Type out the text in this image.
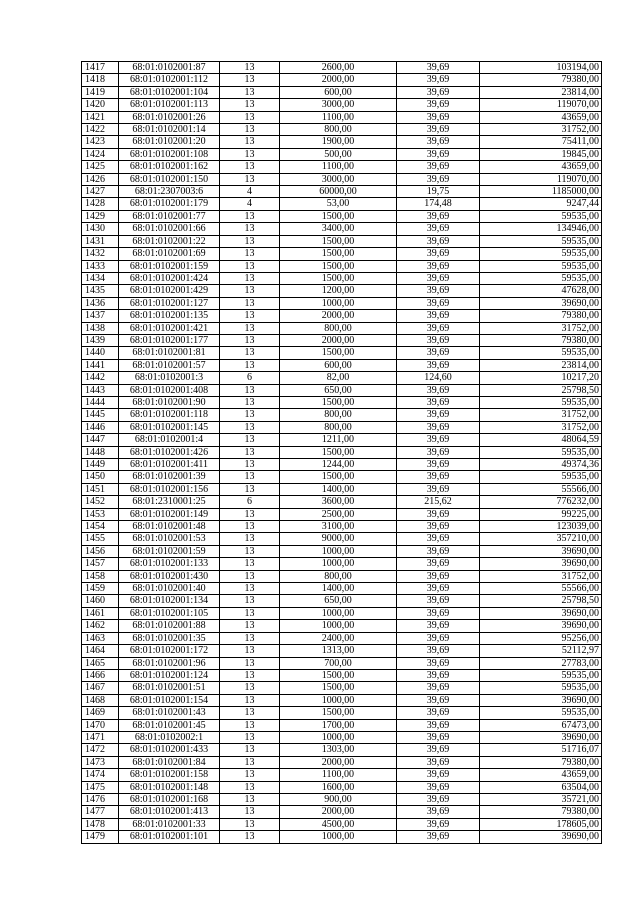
1417	68:01:0102001:87	13	2600,00	39,69	103194,00
1418	68:01:0102001:112	13	2000,00	39,69	79380,00
1419	68:01:0102001:104	13	600,00	39,69	23814,00
1420	68:01:0102001:113	13	3000,00	39,69	119070,00
1421	68:01:0102001:26	13	1100,00	39,69	43659,00
1422	68:01:0102001:14	13	800,00	39,69	31752,00
1423	68:01:0102001:20	13	1900,00	39,69	75411,00
1424	68:01:0102001:108	13	500,00	39,69	19845,00
1425	68:01:0102001:162	13	1100,00	39,69	43659,00
1426	68:01:0102001:150	13	3000,00	39,69	119070,00
1427	68:01:2307003:6	4	60000,00	19,75	1185000,00
1428	68:01:0102001:179	4	53,00	174,48	9247,44
1429	68:01:0102001:77	13	1500,00	39,69	59535,00
1430	68:01:0102001:66	13	3400,00	39,69	134946,00
1431	68:01:0102001:22	13	1500,00	39,69	59535,00
1432	68:01:0102001:69	13	1500,00	39,69	59535,00
1433	68:01:0102001:159	13	1500,00	39,69	59535,00
1434	68:01:0102001:424	13	1500,00	39,69	59535,00
1435	68:01:0102001:429	13	1200,00	39,69	47628,00
1436	68:01:0102001:127	13	1000,00	39,69	39690,00
1437	68:01:0102001:135	13	2000,00	39,69	79380,00
1438	68:01:0102001:421	13	800,00	39,69	31752,00
1439	68:01:0102001:177	13	2000,00	39,69	79380,00
1440	68:01:0102001:81	13	1500,00	39,69	59535,00
1441	68:01:0102001:57	13	600,00	39,69	23814,00
1442	68:01:0102001:3	6	82,00	124,60	10217,20
1443	68:01:0102001:408	13	650,00	39,69	25798,50
1444	68:01:0102001:90	13	1500,00	39,69	59535,00
1445	68:01:0102001:118	13	800,00	39,69	31752,00
1446	68:01:0102001:145	13	800,00	39,69	31752,00
1447	68:01:0102001:4	13	1211,00	39,69	48064,59
1448	68:01:0102001:426	13	1500,00	39,69	59535,00
1449	68:01:0102001:411	13	1244,00	39,69	49374,36
1450	68:01:0102001:39	13	1500,00	39,69	59535,00
1451	68:01:0102001:156	13	1400,00	39,69	55566,00
1452	68:01:2310001:25	6	3600,00	215,62	776232,00
1453	68:01:0102001:149	13	2500,00	39,69	99225,00
1454	68:01:0102001:48	13	3100,00	39,69	123039,00
1455	68:01:0102001:53	13	9000,00	39,69	357210,00
1456	68:01:0102001:59	13	1000,00	39,69	39690,00
1457	68:01:0102001:133	13	1000,00	39,69	39690,00
1458	68:01:0102001:430	13	800,00	39,69	31752,00
1459	68:01:0102001:40	13	1400,00	39,69	55566,00
1460	68:01:0102001:134	13	650,00	39,69	25798,50
1461	68:01:0102001:105	13	1000,00	39,69	39690,00
1462	68:01:0102001:88	13	1000,00	39,69	39690,00
1463	68:01:0102001:35	13	2400,00	39,69	95256,00
1464	68:01:0102001:172	13	1313,00	39,69	52112,97
1465	68:01:0102001:96	13	700,00	39,69	27783,00
1466	68:01:0102001:124	13	1500,00	39,69	59535,00
1467	68:01:0102001:51	13	1500,00	39,69	59535,00
1468	68:01:0102001:154	13	1000,00	39,69	39690,00
1469	68:01:0102001:43	13	1500,00	39,69	59535,00
1470	68:01:0102001:45	13	1700,00	39,69	67473,00
1471	68:01:0102002:1	13	1000,00	39,69	39690,00
1472	68:01:0102001:433	13	1303,00	39,69	51716,07
1473	68:01:0102001:84	13	2000,00	39,69	79380,00
1474	68:01:0102001:158	13	1100,00	39,69	43659,00
1475	68:01:0102001:148	13	1600,00	39,69	63504,00
1476	68:01:0102001:168	13	900,00	39,69	35721,00
1477	68:01:0102001:413	13	2000,00	39,69	79380,00
1478	68:01:0102001:33	13	4500,00	39,69	178605,00
1479	68:01:0102001:101	13	1000,00	39,69	39690,00
